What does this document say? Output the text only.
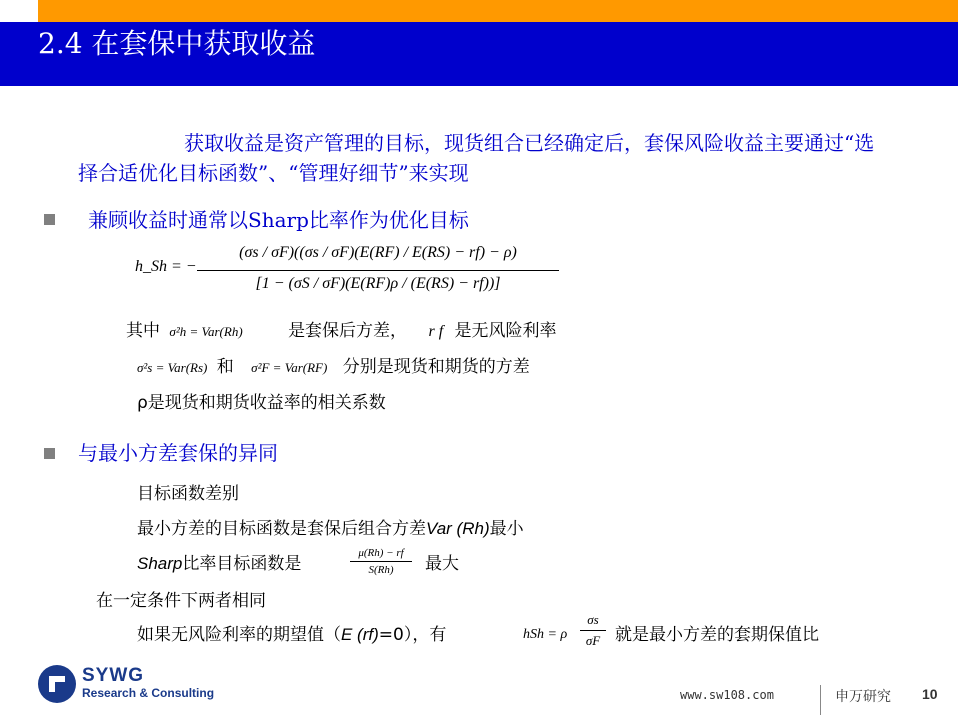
2.4 在套保中获取收益
获取收益是资产管理的目标，现货组合已经确定后，套保风险收益主要通过“选择合适优化目标函数”、“管理好细节”来实现
兼顾收益时通常以Sharp比率作为优化目标
h_Sh = −
(σs / σF)((σs / σF)(E(RF) / E(RS) − rf) − ρ)
[1 − (σS / σF)(E(RF)ρ / (E(RS) − rf))]
其中 σ²h = Var(Rh)	是套保后方差， r f 是无风险利率
σ²s = Var(Rs) 和 σ²F = Var(RF) 分别是现货和期货的方差
ρ是现货和期货收益率的相关系数
与最小方差套保的异同
目标函数差别
最小方差的目标函数是套保后组合方差Var (Rh)最小
Sharp比率目标函数是
μ(Rh) − rf
S(Rh)	最大
在一定条件下两者相同
如果无风险利率的期望值（E (rf)=0），有	hSh = ρ
σs
σF 就是最小方差的套期保值比
SYWG
Research & Consulting	www.sw108.com	申万研究 10
